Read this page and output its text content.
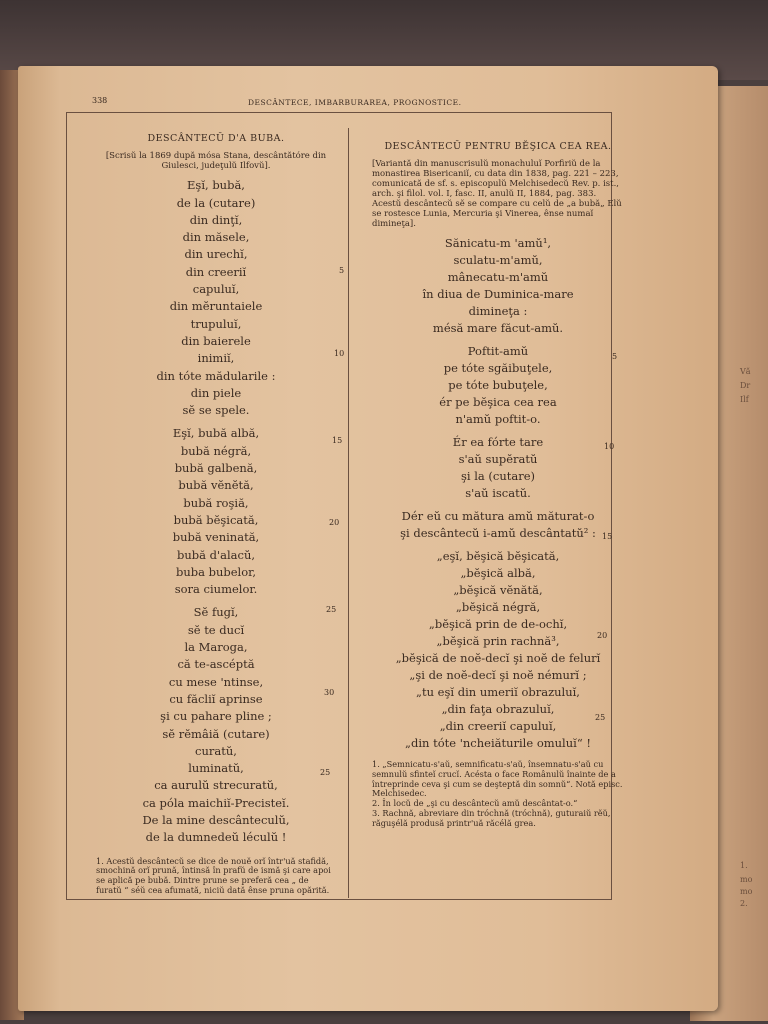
Vă
Dr
Ilf
1.
mo
mo
2.
338	DESCÂNTECE, IMBARBURAREA, PROGNOSTICE.
DESCÂNTECŬ D'A BUBA.
[Scrisŭ la 1869 după mósa Stana, descântătóre din Giulesci, judeţulŭ Ilfovŭ].
Eşĭ, bubă,
de la (cutare)
din dinţĭ,
din măsele,
din urechĭ,
din creeriĭ
capuluĭ,
din mĕruntaiele
trupuluĭ,
din baierele
inimiĭ,
din tóte mădularile :
din piele
sĕ se spele.
Eşĭ, bubă albă,
bubă négră,
bubă galbenă,
bubă vĕnĕtă,
bubă roşiă,
bubă bĕşicată,
bubă veninată,
bubă d'alacŭ,
buba bubelor,
sora ciumelor.
Sĕ fugĭ,
sĕ te ducĭ
la Maroga,
că te-ascéptă
cu mese 'ntinse,
cu făcliĭ aprinse
şi cu pahare pline ;
sĕ rĕmâiă (cutare)
curatŭ,
luminatŭ,
ca aurulŭ strecuratŭ,
ca póla maichiĭ-Precisteĭ.
De la mine descânteculŭ,
de la dumnedeŭ léculŭ !
1. Acestŭ descântecŭ se dice de nouĕ orĭ într'uă stafidă, smochină orĭ prună, întinsă în prafŭ de ismă şi care apoi se aplică pe bubă. Dintre prune se preferă cea „ de furatŭ “ séŭ cea afumată, niciŭ dată ênse pruna opărită.
DESCÂNTECŬ PENTRU BĔŞICA CEA REA.
[Variantă din manuscrisulŭ monachuluĭ Porfiriŭ de la monastirea Bisericaniĭ, cu data din 1838, pag. 221 – 223, comunicată de sf. s. episcopulŭ Melchisedecŭ Rev. p. ist., arch. şi filol. vol. I, fasc. II, anulŭ II, 1884, pag. 383. Acestŭ descântecŭ sĕ se compare cu celŭ de „a bubă„ Elŭ se rostesce Luniа, Mercuria şi Vinerea, ênse numaĭ dimineţa].
Sănicatu-m 'amŭ¹,
sculatu-m'amŭ,
mânecatu-m'amŭ
în diua de Duminica-mare
dimineţa :
mésă mare făcut-amŭ.
Poftit-amŭ
pe tóte sgăibuţele,
pe tóte bubuţele,
ér pe bĕşica cea rea
n'amŭ poftit-o.
Ér ea fórte tare
s'aŭ supĕratŭ
şi la (cutare)
s'aŭ iscatŭ.
Dér eŭ cu mătura amŭ măturat-o
şi descântecŭ i-amŭ descântatŭ² :
„eşĭ, bĕşică bĕşicată,
„bĕşică albă,
„bĕşică vĕnătă,
„bĕşică négră,
„bĕşică prin de de-ochĭ,
„bĕşică prin rachnă³,
„bĕşică de noĕ-decĭ şi noĕ de felurĭ
„şi de noĕ-decĭ şi noĕ némurĭ ;
„tu eşĭ din umeriĭ obrazuluĭ,
„din faţa obrazuluĭ,
„din creeriĭ capuluĭ,
„din tóte 'ncheiăturile omuluĭ“ !
1. „Semnicatu-s'aŭ, semnificatu-s'aŭ, însemnatu-s'aŭ cu semnulŭ sfinteĭ crucĭ. Acésta o face Românulŭ înainte de a întreprinde ceva şi cum se deşteptă din somnŭ“. Notă episc. Melchisedec.
2. În locŭ de „şi cu descântecŭ amŭ descântat-o.“
3. Rachnă, abreviare din tróchnă (tróchnă), guturaiŭ rĕŭ, răguşélă produsă printr'uă răcélă grea.
5
10
15
20
25
30
25
5
10
15
20
25
